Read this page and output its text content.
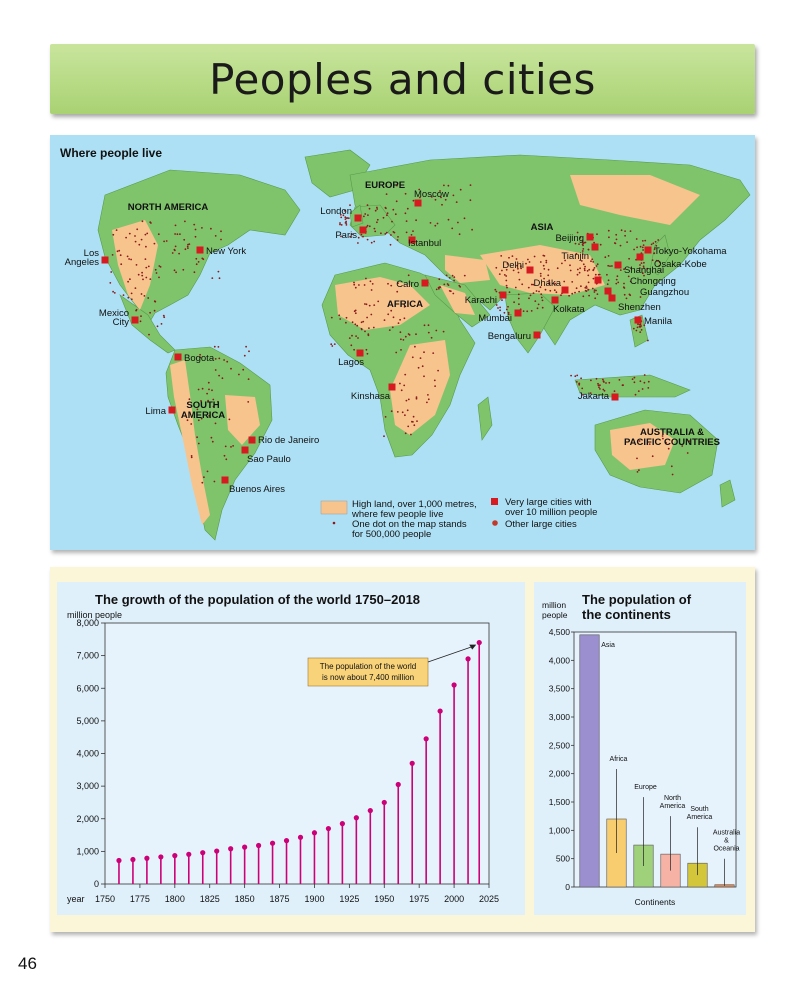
Peoples and cities
Los Angeles
New York
Mexico City
Bogota
Lima
Rio de Janeiro
Sao Paulo
Buenos Aires
London
Paris
Moscow
Istanbul
Cairo
Lagos
Kinshasa
Karachi
Delhi
Mumbai
Bengaluru
Kolkata
Dhaka
Beijing
Tianjin
Shanghai
Chongqing
Guangzhou
Shenzhen
Tokyo-Yokohama
Osaka-Kobe
Manila
Jakarta
NORTH AMERICA
SOUTH AMERICA
EUROPE
AFRICA
ASIA
AUSTRALIA & PACIFIC COUNTRIES
Where people live
High land, over 1,000 metres,
where few people live
One dot on the map stands
for 500,000 people
Very large cities with
over 10 million people
Other large cities
The growth of the population of the world 1750–2018
million people
0
1,000
2,000
3,000
4,000
5,000
6,000
7,000
8,000
1750 1775 1800 1825 1850 1875 1900 1925 1950 1975 2000 2025
year
The population of the world
is now about 7,400 million
The population of
the continents
million
people
0
500
1,000
1,500
2,000
2,500
3,000
3,500
4,000
4,500
Asia
Africa
Europe
North
America South
America
Australia
&
Oceania
Continents
46
